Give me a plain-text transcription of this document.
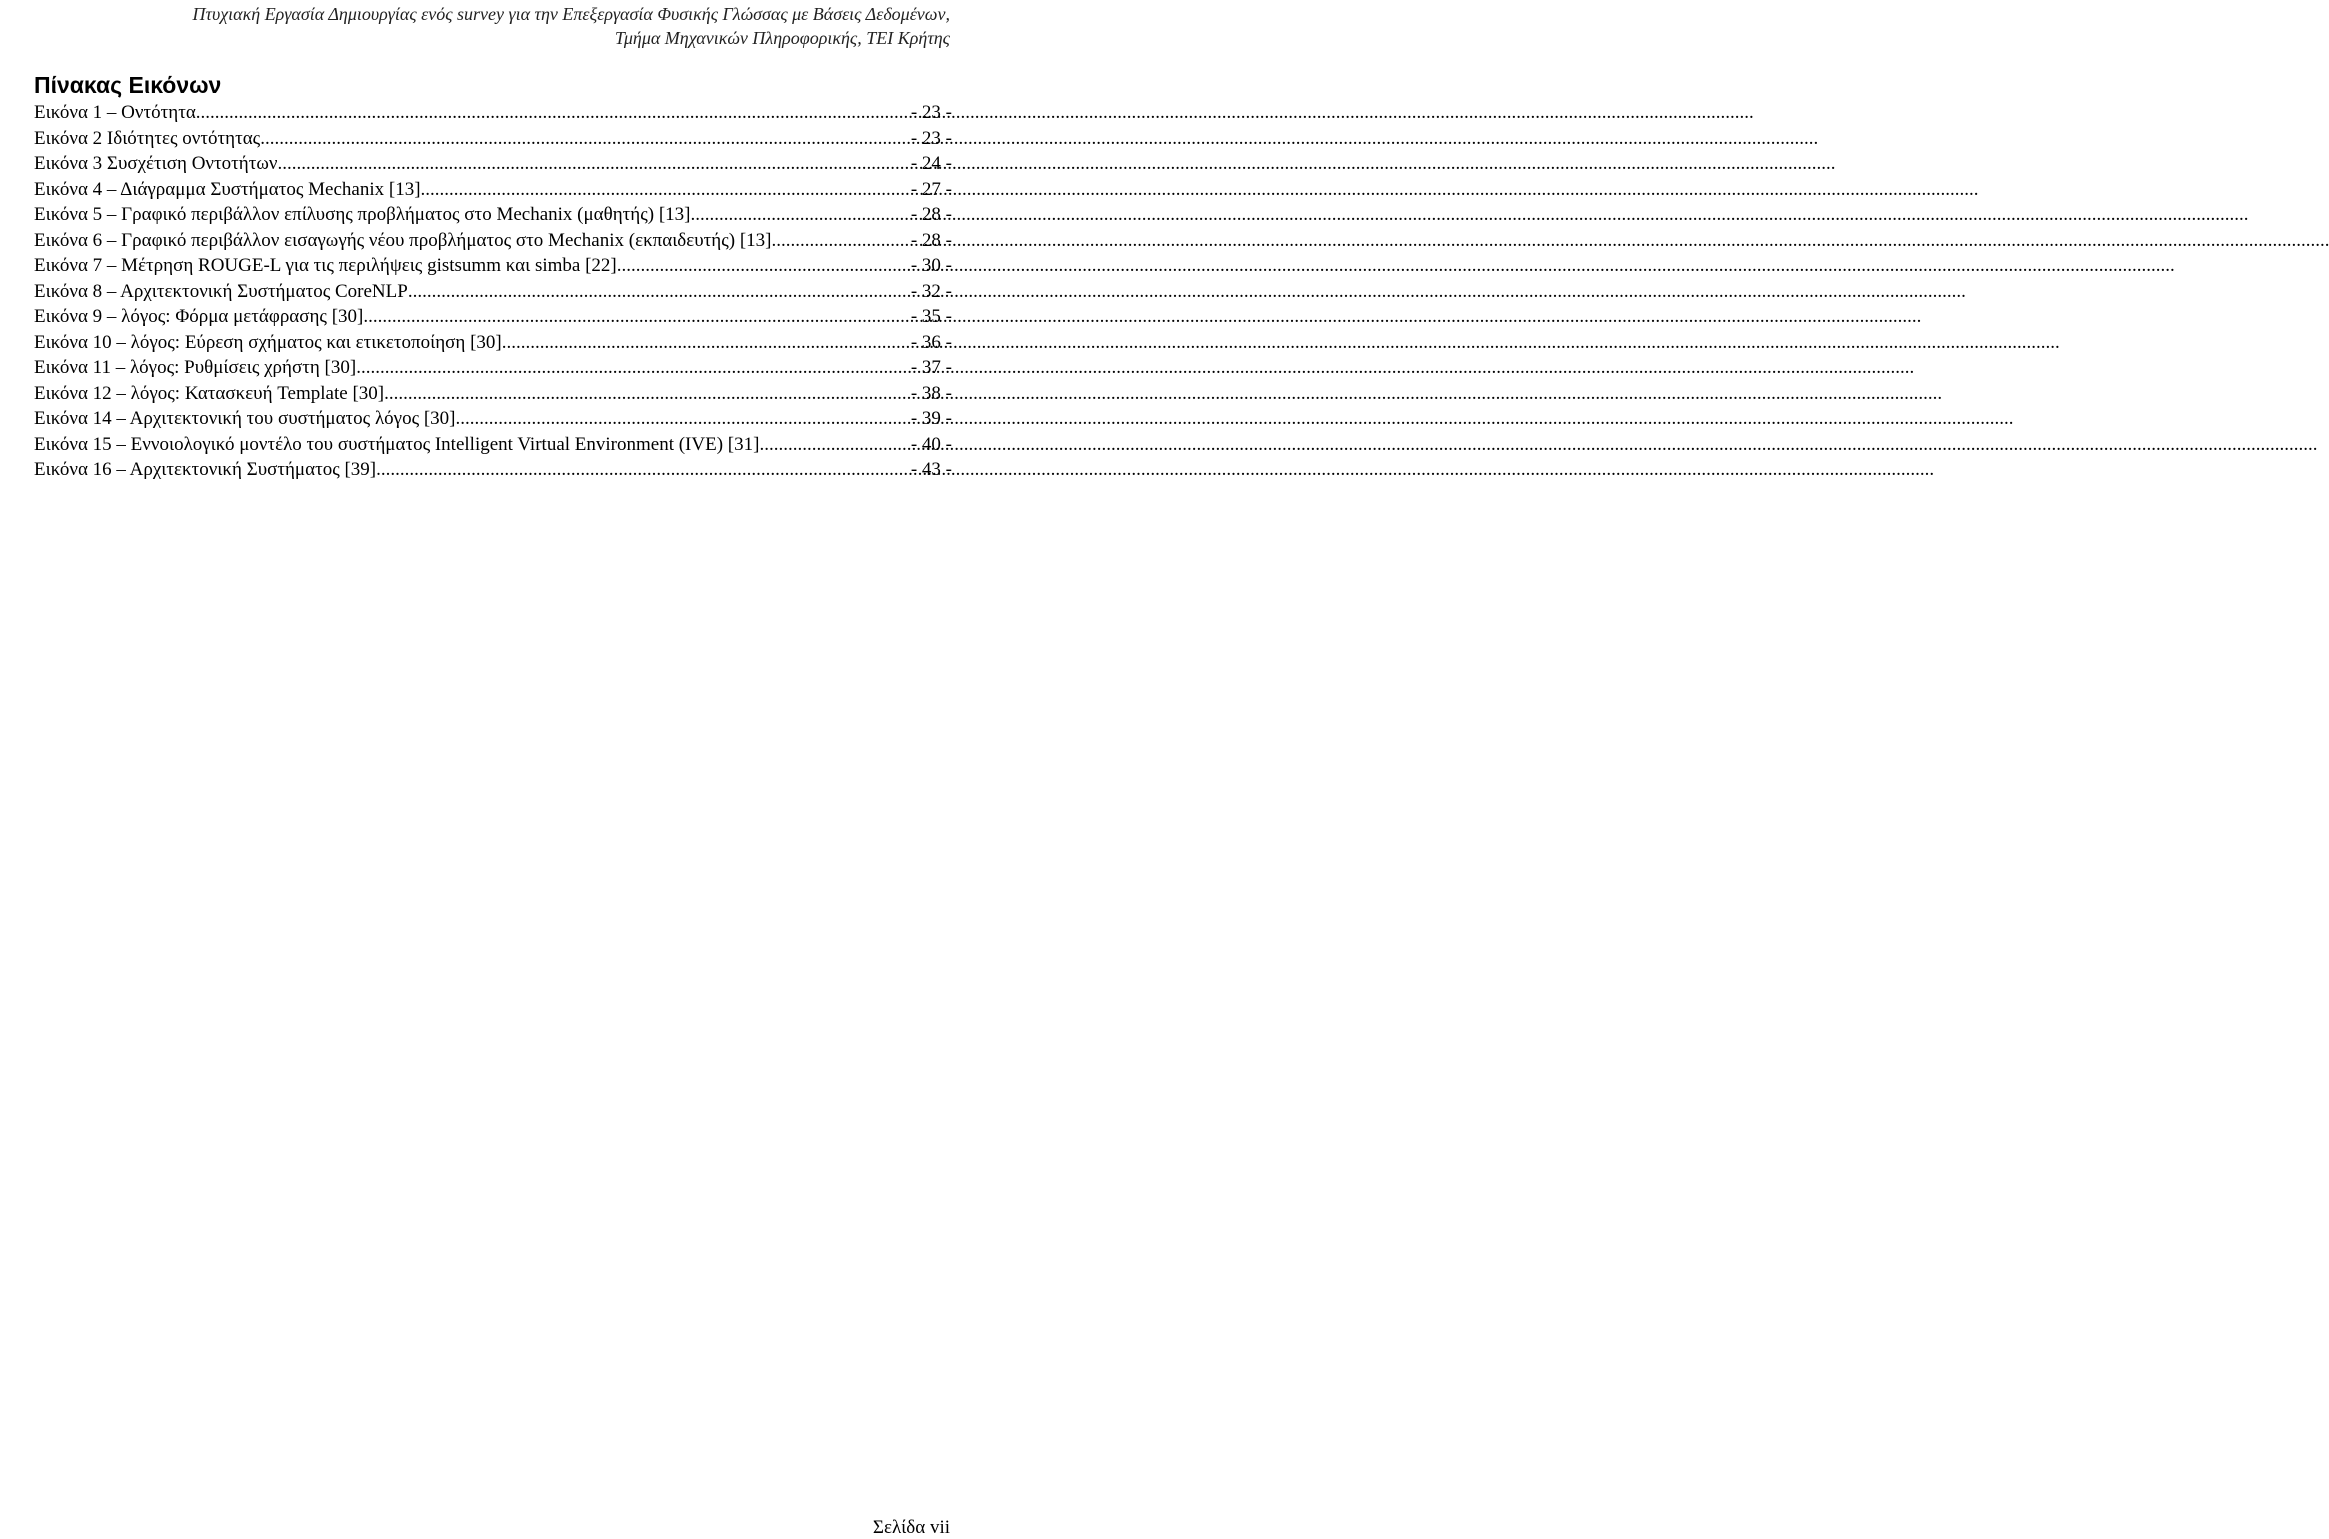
Πτυχιακή Εργασία Δημιουργίας ενός survey για την Επεξεργασία Φυσικής Γλώσσας με Βάσεις Δεδομένων,
Τμήμα Μηχανικών Πληροφορικής, ΤΕΙ Κρήτης
Πίνακας Εικόνων
Εικόνα 1 – Οντότητα .....	- 23 -
Εικόνα 2 Ιδιότητες οντότητας .....	- 23 -
Εικόνα 3 Συσχέτιση Οντοτήτων .....	- 24 -
Εικόνα 4 – Διάγραμμα Συστήματος Mechanix [13] .....	- 27 -
Εικόνα 5 – Γραφικό περιβάλλον επίλυσης προβλήματος στο Mechanix (μαθητής) [13] .....	- 28 -
Εικόνα 6 – Γραφικό περιβάλλον εισαγωγής νέου προβλήματος στο Mechanix (εκπαιδευτής) [13] .....	- 28 -
Εικόνα 7 – Μέτρηση ROUGE-L για τις περιλήψεις gistsumm και simba [22] .....	- 30 -
Εικόνα 8 – Αρχιτεκτονική Συστήματος CoreNLP .....	- 32 -
Εικόνα 9 – λόγος: Φόρμα μετάφρασης [30] .....	- 35 -
Εικόνα 10 – λόγος: Εύρεση σχήματος και ετικετοποίηση [30] .....	- 36 -
Εικόνα 11 – λόγος: Ρυθμίσεις χρήστη [30] .....	- 37 -
Εικόνα 12 – λόγος: Κατασκευή Template [30] .....	- 38 -
Εικόνα 14 – Αρχιτεκτονική του συστήματος λόγος [30] .....	- 39 -
Εικόνα 15 – Εννοιολογικό μοντέλο του συστήματος Intelligent Virtual Environment (IVE) [31] .....	- 40 -
Εικόνα 16 – Αρχιτεκτονική Συστήματος [39] .....	- 43 -
Σελίδα vii
